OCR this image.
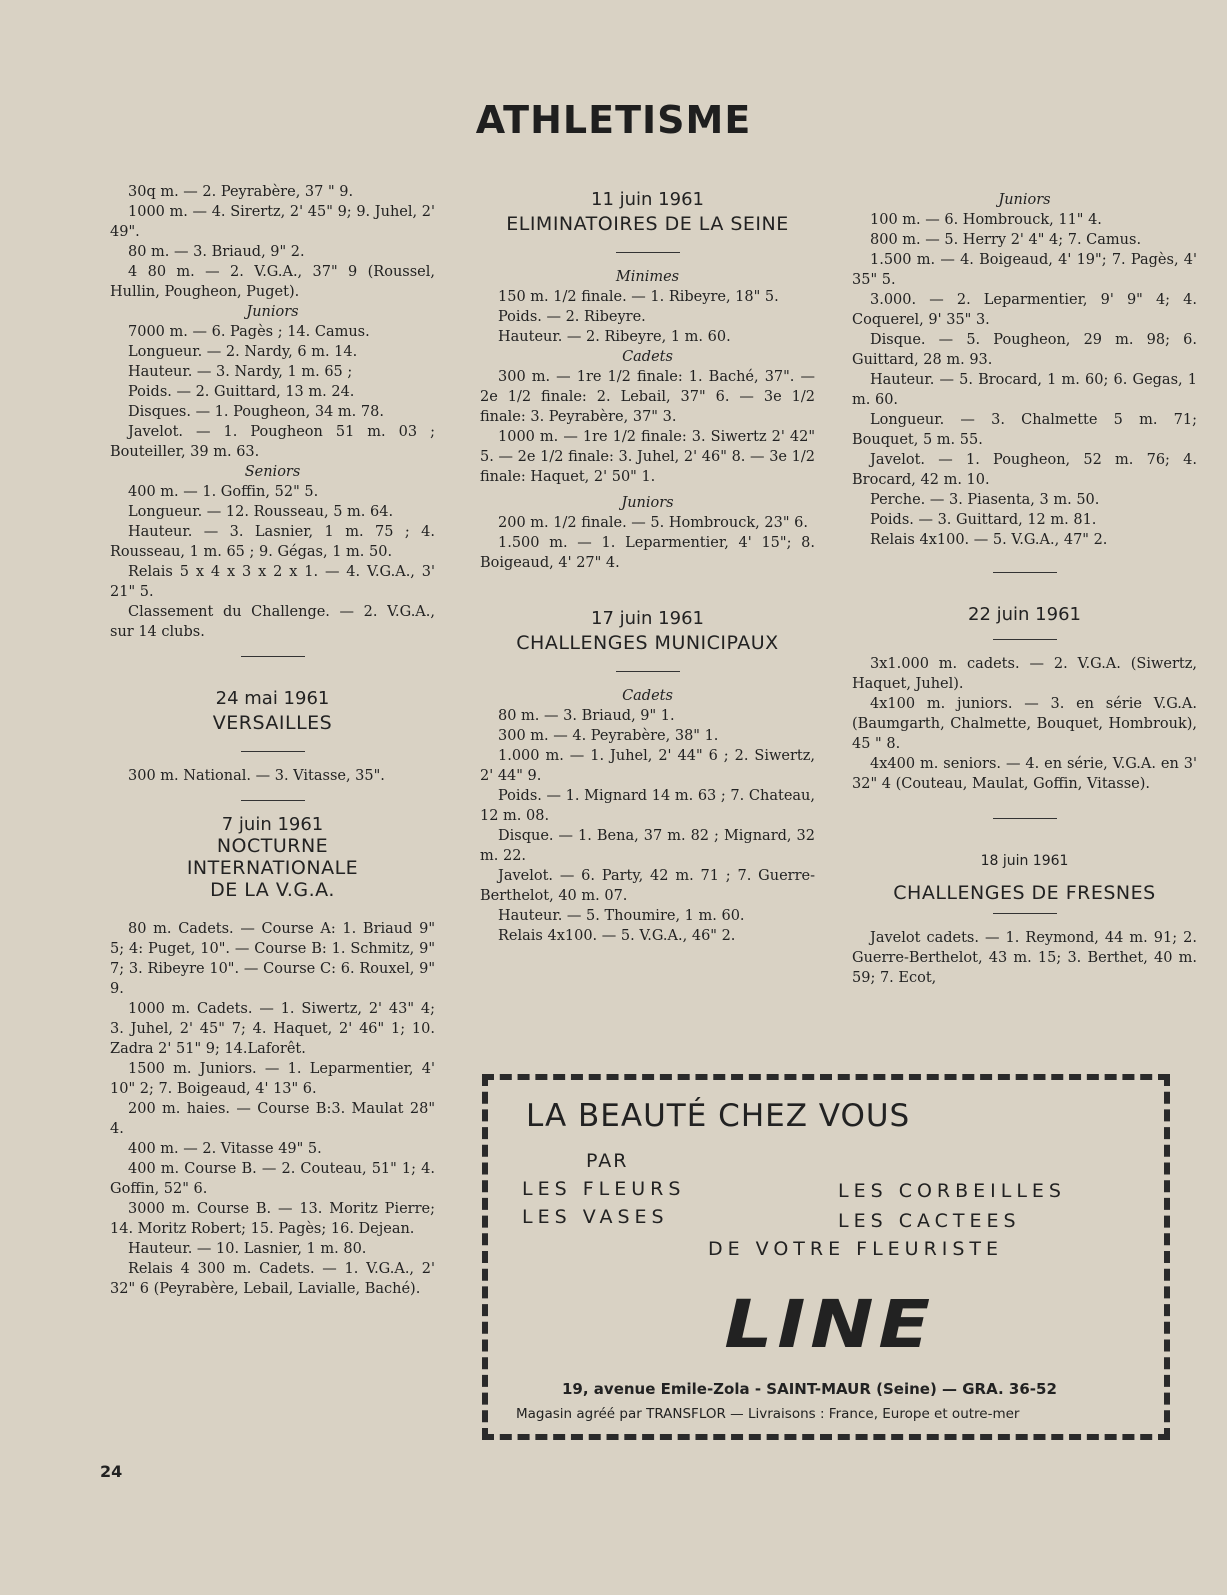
ATHLETISME

30q m. — 2. Peyrabère, 37 " 9.

1000 m. — 4. Sirertz, 2' 45" 9; 9. Juhel, 2' 49".

80 m. — 3. Briaud, 9" 2.

4 80 m. — 2. V.G.A., 37" 9 (Roussel, Hullin, Pougheon, Puget).

Juniors

7000 m. — 6. Pagès ; 14. Camus.

Longueur. — 2. Nardy, 6 m. 14.

Hauteur. — 3. Nardy, 1 m. 65 ;

Poids. — 2. Guittard, 13 m. 24.

Disques. — 1. Pougheon, 34 m. 78.

Javelot. — 1. Pougheon 51 m. 03 ; Bouteiller, 39 m. 63.

Seniors

400 m. — 1. Goffin, 52" 5.

Longueur. — 12. Rousseau, 5 m. 64.

Hauteur. — 3. Lasnier, 1 m. 75 ; 4. Rousseau, 1 m. 65 ; 9. Gégas, 1 m. 50.

Relais 5 x 4 x 3 x 2 x 1. — 4. V.G.A., 3' 21" 5.

Classement du Challenge. — 2. V.G.A., sur 14 clubs.

24 mai 1961

VERSAILLES

300 m. National. — 3. Vitasse, 35".

7 juin 1961

NOCTURNE

INTERNATIONALE

DE LA V.G.A.

80 m. Cadets. — Course A: 1. Briaud 9" 5; 4: Puget, 10". — Course B: 1. Schmitz, 9" 7; 3. Ribeyre 10". — Course C: 6. Rouxel, 9" 9.

1000 m. Cadets. — 1. Siwertz, 2' 43" 4; 3. Juhel, 2' 45" 7; 4. Haquet, 2' 46" 1; 10. Zadra 2' 51" 9; 14.Laforêt.

1500 m. Juniors. — 1. Leparmentier, 4' 10" 2; 7. Boigeaud, 4' 13" 6.

200 m. haies. — Course B:3. Maulat 28" 4.

400 m. — 2. Vitasse 49" 5.

400 m. Course B. — 2. Couteau, 51" 1; 4. Goffin, 52" 6.

3000 m. Course B. — 13. Moritz Pierre; 14. Moritz Robert; 15. Pagès; 16. Dejean.

Hauteur. — 10. Lasnier, 1 m. 80.

Relais 4 300 m. Cadets. — 1. V.G.A., 2' 32" 6 (Peyrabère, Lebail, Lavialle, Baché).

11 juin 1961

ELIMINATOIRES DE LA SEINE

Minimes

150 m. 1/2 finale. — 1. Ribeyre, 18" 5.

Poids. — 2. Ribeyre.

Hauteur. — 2. Ribeyre, 1 m. 60.

Cadets

300 m. — 1re 1/2 finale: 1. Baché, 37". — 2e 1/2 finale: 2. Lebail, 37" 6. — 3e 1/2 finale: 3. Peyrabère, 37" 3.

1000 m. — 1re 1/2 finale: 3. Siwertz 2' 42" 5. — 2e 1/2 finale: 3. Juhel, 2' 46" 8. — 3e 1/2 finale: Haquet, 2' 50" 1.

Juniors

200 m. 1/2 finale. — 5. Hombrouck, 23" 6.

1.500 m. — 1. Leparmentier, 4' 15"; 8. Boigeaud, 4' 27" 4.

17 juin 1961

CHALLENGES MUNICIPAUX

Cadets

80 m. — 3. Briaud, 9" 1.

300 m. — 4. Peyrabère, 38" 1.

1.000 m. — 1. Juhel, 2' 44" 6 ; 2. Siwertz, 2' 44" 9.

Poids. — 1. Mignard 14 m. 63 ; 7. Chateau, 12 m. 08.

Disque. — 1. Bena, 37 m. 82 ; Mignard, 32 m. 22.

Javelot. — 6. Party, 42 m. 71 ; 7. Guerre-Berthelot, 40 m. 07.

Hauteur. — 5. Thoumire, 1 m. 60.

Relais 4x100. — 5. V.G.A., 46" 2.

Juniors

100 m. — 6. Hombrouck, 11" 4.

800 m. — 5. Herry 2' 4" 4; 7. Camus.

1.500 m. — 4. Boigeaud, 4' 19"; 7. Pagès, 4' 35" 5.

3.000. — 2. Leparmentier, 9' 9" 4; 4. Coquerel, 9' 35" 3.

Disque. — 5. Pougheon, 29 m. 98; 6. Guittard, 28 m. 93.

Hauteur. — 5. Brocard, 1 m. 60; 6. Gegas, 1 m. 60.

Longueur. — 3. Chalmette 5 m. 71; Bouquet, 5 m. 55.

Javelot. — 1. Pougheon, 52 m. 76; 4. Brocard, 42 m. 10.

Perche. — 3. Piasenta, 3 m. 50.

Poids. — 3. Guittard, 12 m. 81.

Relais 4x100. — 5. V.G.A., 47" 2.

22 juin 1961

3x1.000 m. cadets. — 2. V.G.A. (Siwertz, Haquet, Juhel).

4x100 m. juniors. — 3. en série V.G.A. (Baumgarth, Chalmette, Bouquet, Hombrouk), 45 " 8.

4x400 m. seniors. — 4. en série, V.G.A. en 3' 32" 4 (Couteau, Maulat, Goffin, Vitasse).

18 juin 1961

CHALLENGES DE FRESNES

Javelot cadets. — 1. Reymond, 44 m. 91; 2. Guerre-Berthelot, 43 m. 15; 3. Berthet, 40 m. 59; 7. Ecot,

LA BEAUTÉ CHEZ VOUS
PAR
LES FLEURS	LES CORBEILLES
LES VASES	LES CACTEES
DE VOTRE FLEURISTE
LINE
19, avenue Emile-Zola - SAINT-MAUR (Seine) — GRA. 36-52
Magasin agréé par TRANSFLOR — Livraisons : France, Europe et outre-mer
24
